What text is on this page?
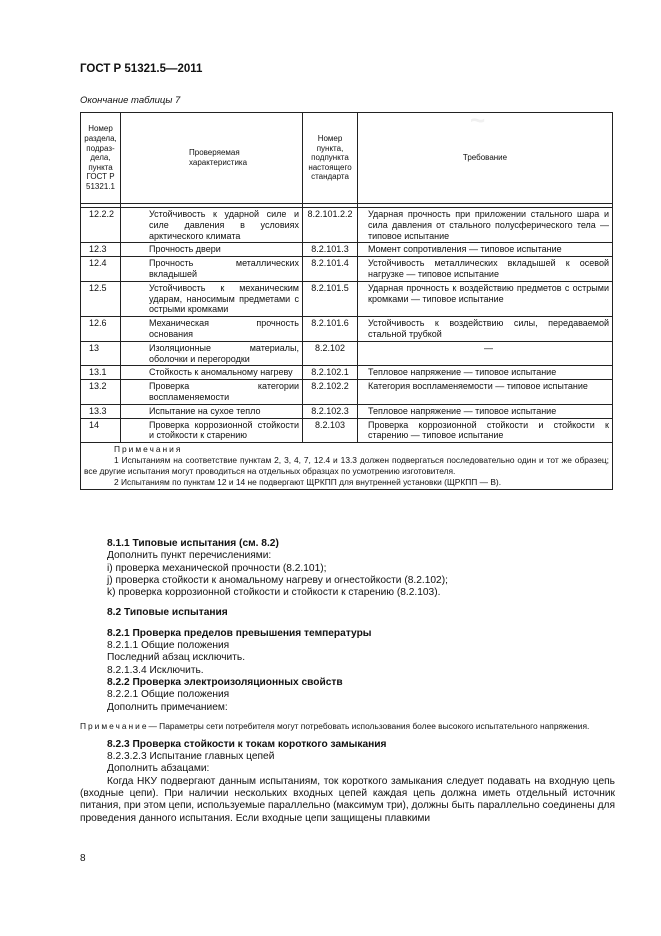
~
ГОСТ Р 51321.5—2011
Окончание таблицы 7
Номер раздела, подраз-дела, пункта ГОСТ Р 51321.1	Проверяемая характеристика	Номер пункта, подпункта настоящего стандарта	Требование

12.2.2	Устойчивость к ударной силе и силе давления в условиях арктического климата	8.2.101.2.2	Ударная прочность при приложении стального шара и сила давления от стального полусферического тела — типовое испытание
12.3	Прочность двери	8.2.101.3	Момент сопротивления — типовое испытание
12.4	Прочность металлических вкладышей	8.2.101.4	Устойчивость металлических вкладышей к осевой нагрузке — типовое испытание
12.5	Устойчивость к механическим ударам, наносимым предметами с острыми кромками	8.2.101.5	Ударная прочность к воздействию предметов с острыми кромками — типовое испытание
12.6	Механическая прочность основания	8.2.101.6	Устойчивость к воздействию силы, передаваемой стальной трубкой
13	Изоляционные материалы, оболочки и перегородки	8.2.102	—
13.1	Стойкость к аномальному нагреву	8.2.102.1	Тепловое напряжение — типовое испытание
13.2	Проверка категории воспламеняемости	8.2.102.2	Категория воспламеняемости — типовое испытание
13.3	Испытание на сухое тепло	8.2.102.3	Тепловое напряжение — типовое испытание
14	Проверка коррозионной стойкости и стойкости к старению	8.2.103	Проверка коррозионной стойкости и стойкости к старению — типовое испытание

Примечания
1 Испытаниям на соответствие пунктам 2, 3, 4, 7, 12.4 и 13.3 должен подвергаться последовательно один и тот же образец; все другие испытания могут проводиться на отдельных образцах по усмотрению изготовителя.
2 Испытаниям по пунктам 12 и 14 не подвергают ЩРКПП для внутренней установки (ЩРКПП — В).			

8.1.1 Типовые испытания (см. 8.2)

Дополнить пункт перечислениями:

i) проверка механической прочности (8.2.101);

j) проверка стойкости к аномальному нагреву и огнестойкости (8.2.102);

k) проверка коррозионной стойкости и стойкости к старению (8.2.103).

8.2 Типовые испытания

8.2.1 Проверка пределов превышения температуры

8.2.1.1 Общие положения

Последний абзац исключить.

8.2.1.3.4 Исключить.

8.2.2 Проверка электроизоляционных свойств

8.2.2.1 Общие положения

Дополнить примечанием:

Примечание— Параметры сети потребителя могут потребовать использования более высокого испытательного напряжения.

8.2.3 Проверка стойкости к токам короткого замыкания

8.2.3.2.3 Испытание главных цепей

Дополнить абзацами:

Когда НКУ подвергают данным испытаниям, ток короткого замыкания следует подавать на входную цепь (входные цепи). При наличии нескольких входных цепей каждая цепь должна иметь отдельный источник питания, при этом цепи, используемые параллельно (максимум три), должны быть параллельно соединены для проведения данного испытания. Если входные цепи защищены плавкими

8
